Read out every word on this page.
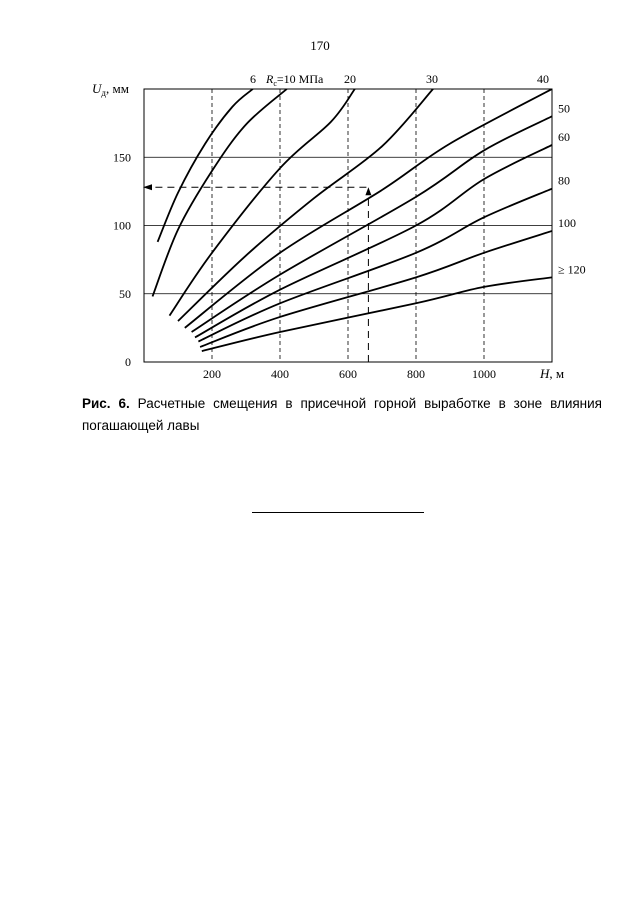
170
200	400	600	800	1000
0
50
100
150
$U_д$, мм
H, м
6	20	30	40
50
60
80
100
≥ 120
$R_с=10$ МПа
Рис. 6. Расчетные смещения в присечной горной выработке в зоне влияния погашающей лавы
